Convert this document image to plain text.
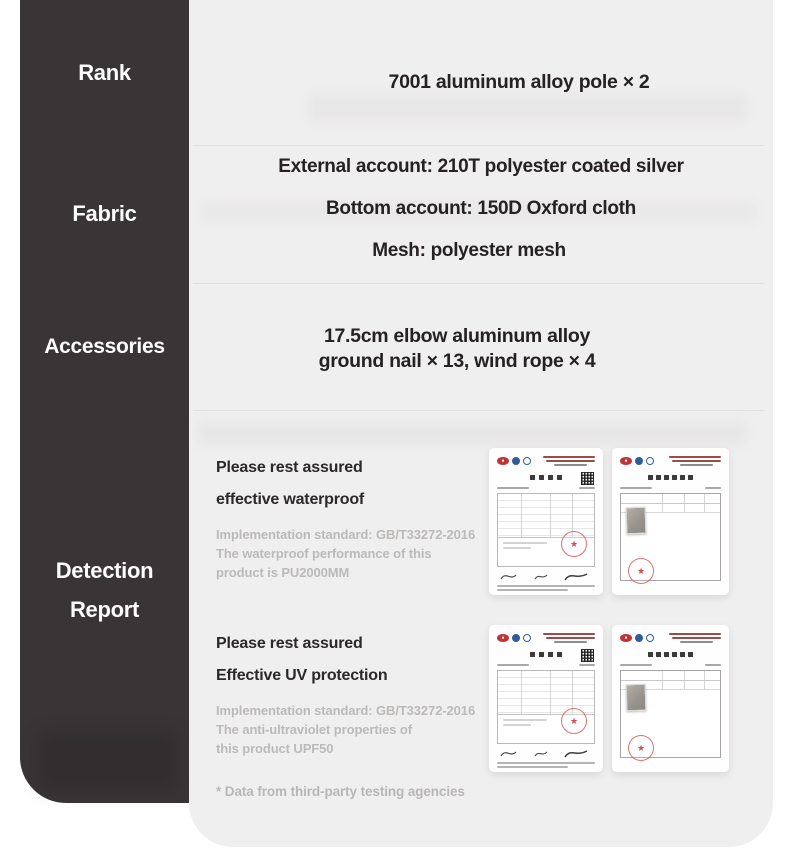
Rank
Fabric
Accessories
Detection Report
7001 aluminum alloy pole × 2
External account: 210T polyester coated silver
Bottom account: 150D Oxford cloth
Mesh: polyester mesh
17.5cm elbow aluminum alloy
ground nail × 13, wind rope × 4
Please rest assured
effective waterproof
Implementation standard: GB/T33272-2016
The waterproof performance of this
product is PU2000MM
★
★
Please rest assured
Effective UV protection
Implementation standard: GB/T33272-2016
The anti-ultraviolet properties of
this product UPF50
★
★
* Data from third-party testing agencies
